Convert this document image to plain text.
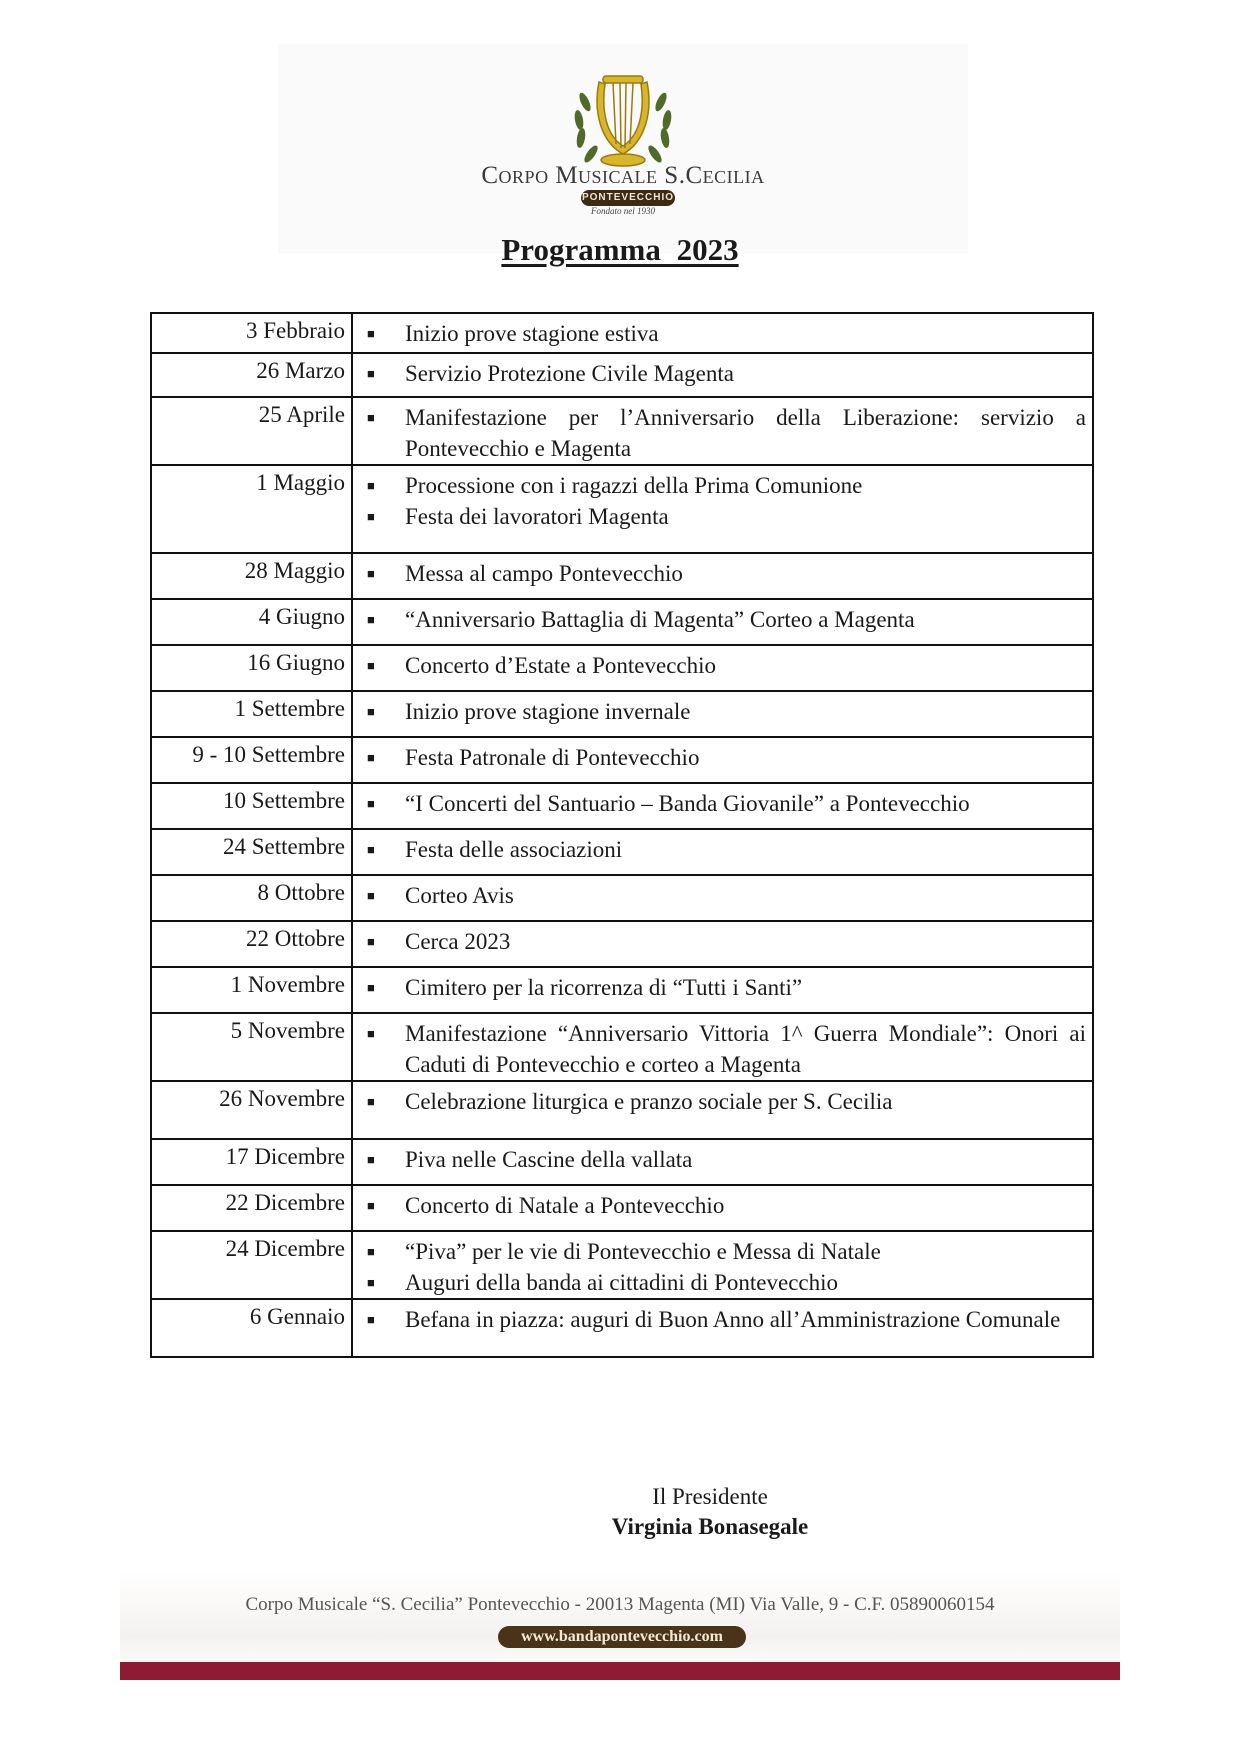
Corpo Musicale S.Cecilia
PONTEVECCHIO
Fondato nel 1930
Programma 2023
3 Febbraio	■ Inizio prove stagione estiva

26 Marzo	■ Servizio Protezione Civile Magenta

25 Aprile	■ Manifestazione per l’Anniversario della Liberazione: servizio a Pontevecchio e Magenta

1 Maggio	■ Processione con i ragazzi della Prima Comunione
■ Festa dei lavoratori Magenta

28 Maggio	■ Messa al campo Pontevecchio

4 Giugno	■ “Anniversario Battaglia di Magenta” Corteo a Magenta

16 Giugno	■ Concerto d’Estate a Pontevecchio

1 Settembre	■ Inizio prove stagione invernale

9 - 10 Settembre	■ Festa Patronale di Pontevecchio

10 Settembre	■ “I Concerti del Santuario – Banda Giovanile” a Pontevecchio

24 Settembre	■ Festa delle associazioni

8 Ottobre	■ Corteo Avis

22 Ottobre	■ Cerca 2023

1 Novembre	■ Cimitero per la ricorrenza di “Tutti i Santi”

5 Novembre	■ Manifestazione “Anniversario Vittoria 1^ Guerra Mondiale”: Onori ai Caduti di Pontevecchio e corteo a Magenta

26 Novembre	■ Celebrazione liturgica e pranzo sociale per S. Cecilia

17 Dicembre	■ Piva nelle Cascine della vallata

22 Dicembre	■ Concerto di Natale a Pontevecchio

24 Dicembre	■ “Piva” per le vie di Pontevecchio e Messa di Natale
■ Auguri della banda ai cittadini di Pontevecchio

6 Gennaio	■ Befana in piazza: auguri di Buon Anno all’Amministrazione Comunale
Il Presidente
Virginia Bonasegale
Corpo Musicale “S. Cecilia” Pontevecchio - 20013 Magenta (MI) Via Valle, 9 - C.F. 05890060154
www.bandapontevecchio.com
